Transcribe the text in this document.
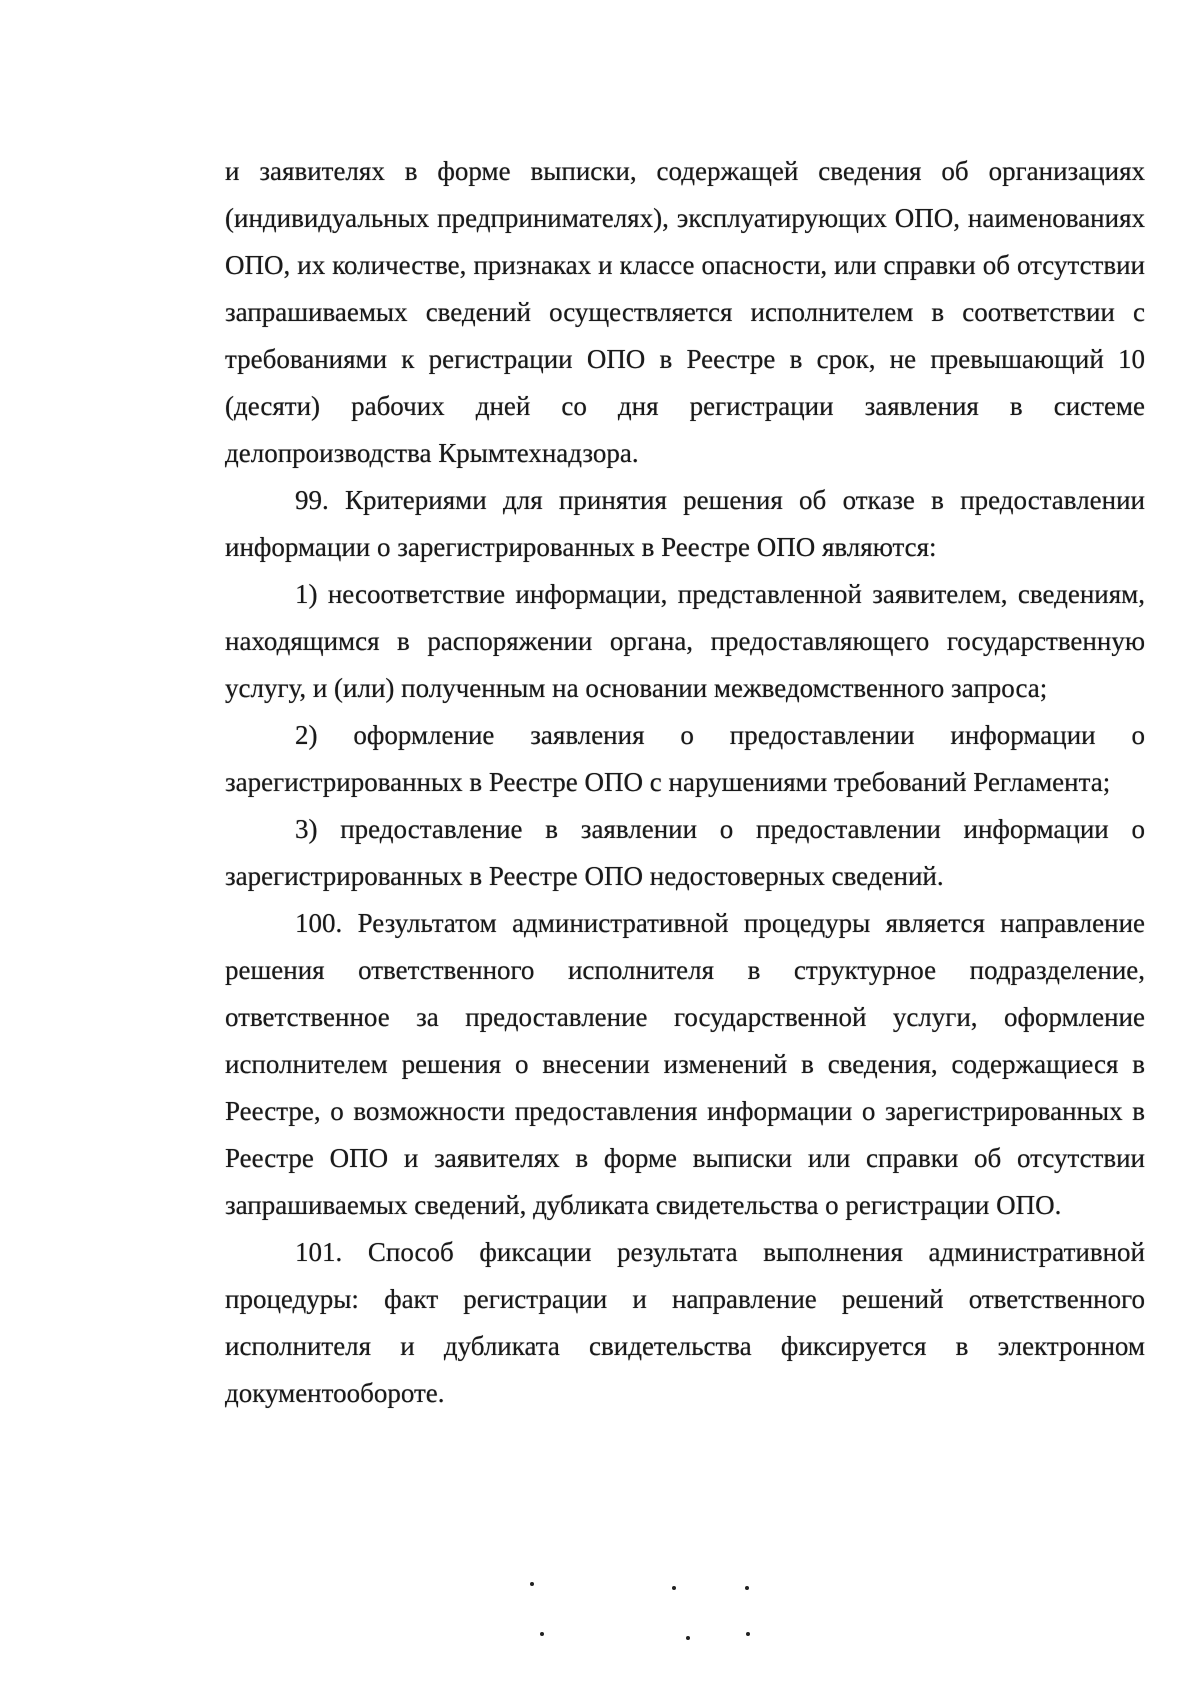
и заявителях в форме выписки, содержащей сведения об организациях (индивидуальных предпринимателях), эксплуатирующих ОПО, наименованиях ОПО, их количестве, признаках и классе опасности, или справки об отсутствии запрашиваемых сведений осуществляется исполнителем в соответствии с требованиями к регистрации ОПО в Реестре в срок, не превышающий 10 (десяти) рабочих дней со дня регистрации заявления в системе делопроизводства Крымтехнадзора.

99. Критериями для принятия решения об отказе в предоставлении информации о зарегистрированных в Реестре ОПО являются:

1) несоответствие информации, представленной заявителем, сведениям, находящимся в распоряжении органа, предоставляющего государственную услугу, и (или) полученным на основании межведомственного запроса;

2) оформление заявления о предоставлении информации о зарегистрированных в Реестре ОПО с нарушениями требований Регламента;

3) предоставление в заявлении о предоставлении информации о зарегистрированных в Реестре ОПО недостоверных сведений.

100. Результатом административной процедуры является направление решения ответственного исполнителя в структурное подразделение, ответственное за предоставление государственной услуги, оформление исполнителем решения о внесении изменений в сведения, содержащиеся в Реестре, о возможности предоставления информации о зарегистрированных в Реестре ОПО и заявителях в форме выписки или справки об отсутствии запрашиваемых сведений, дубликата свидетельства о регистрации ОПО.

101. Способ фиксации результата выполнения административной процедуры: факт регистрации и направление решений ответственного исполнителя и дубликата свидетельства фиксируется в электронном документообороте.
